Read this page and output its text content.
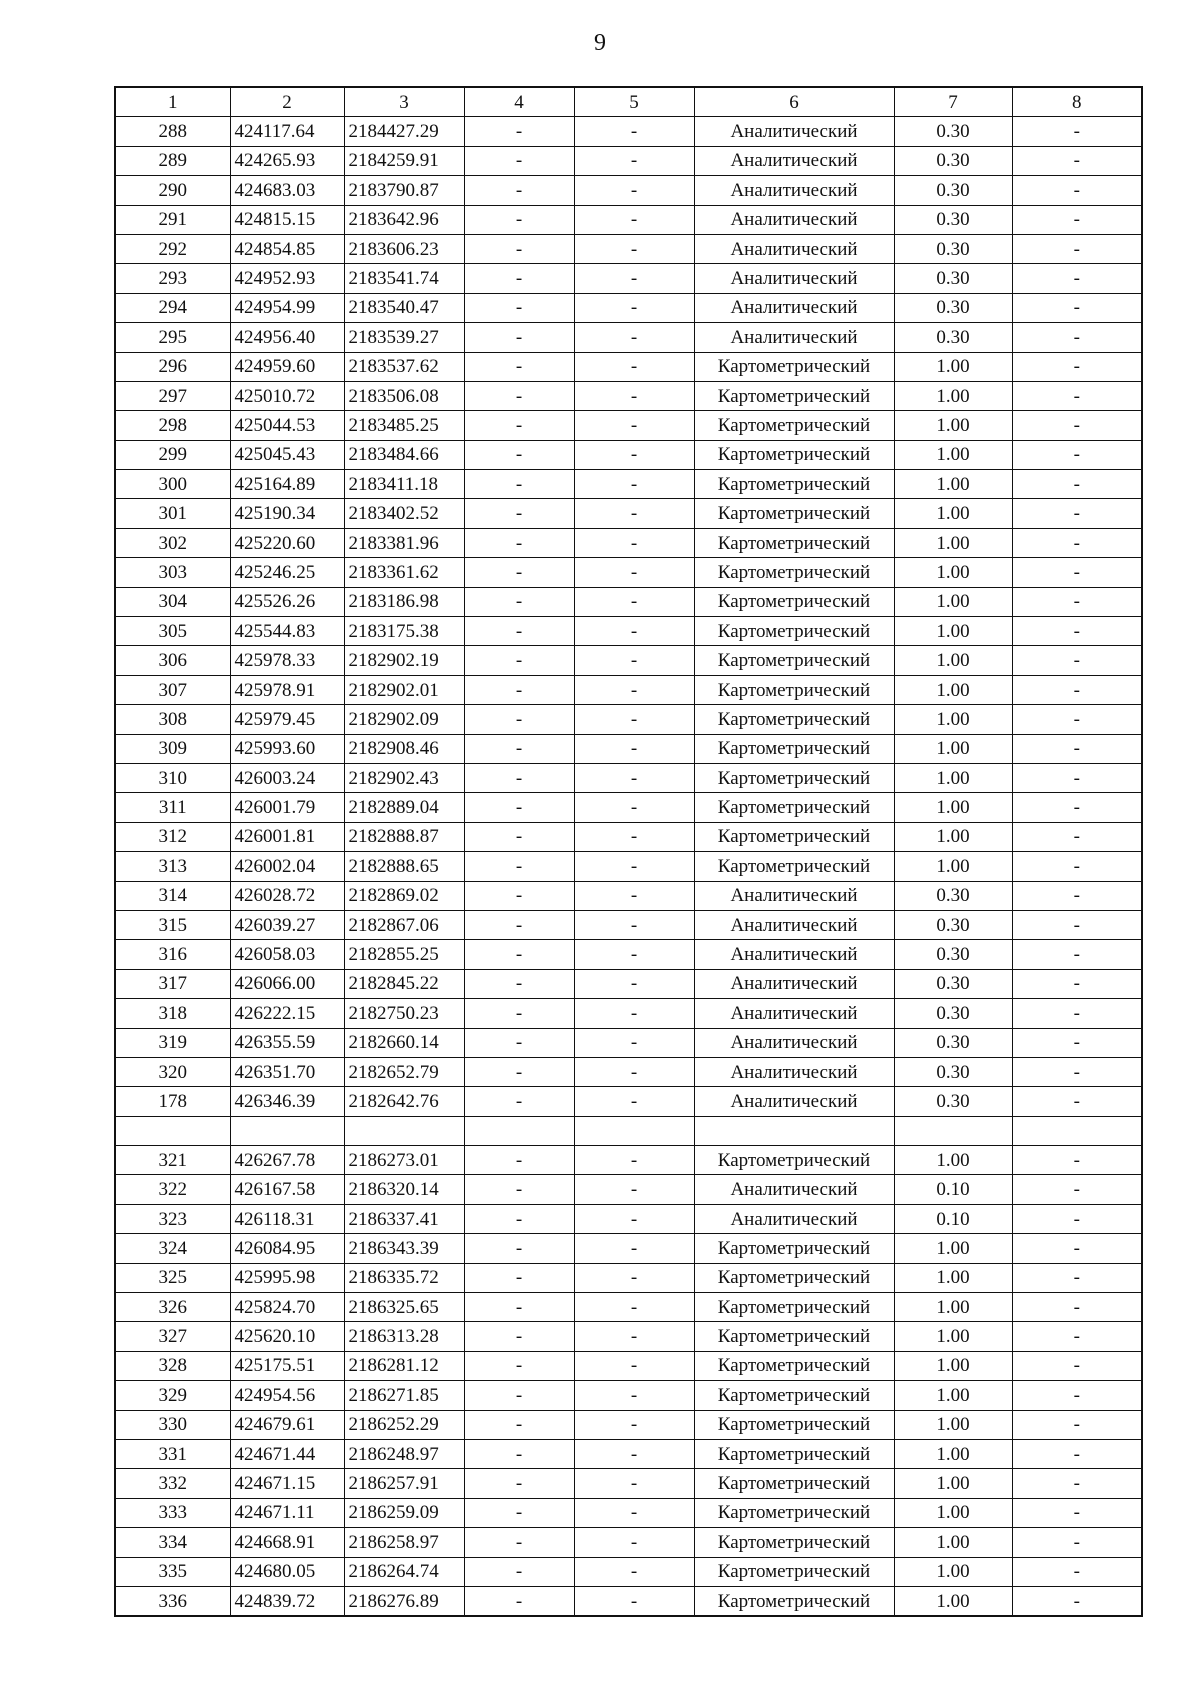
9
1	2	3	4	5	6	7	8
288	424117.64	2184427.29	-	-	Аналитический	0.30	-
289	424265.93	2184259.91	-	-	Аналитический	0.30	-
290	424683.03	2183790.87	-	-	Аналитический	0.30	-
291	424815.15	2183642.96	-	-	Аналитический	0.30	-
292	424854.85	2183606.23	-	-	Аналитический	0.30	-
293	424952.93	2183541.74	-	-	Аналитический	0.30	-
294	424954.99	2183540.47	-	-	Аналитический	0.30	-
295	424956.40	2183539.27	-	-	Аналитический	0.30	-
296	424959.60	2183537.62	-	-	Картометрический	1.00	-
297	425010.72	2183506.08	-	-	Картометрический	1.00	-
298	425044.53	2183485.25	-	-	Картометрический	1.00	-
299	425045.43	2183484.66	-	-	Картометрический	1.00	-
300	425164.89	2183411.18	-	-	Картометрический	1.00	-
301	425190.34	2183402.52	-	-	Картометрический	1.00	-
302	425220.60	2183381.96	-	-	Картометрический	1.00	-
303	425246.25	2183361.62	-	-	Картометрический	1.00	-
304	425526.26	2183186.98	-	-	Картометрический	1.00	-
305	425544.83	2183175.38	-	-	Картометрический	1.00	-
306	425978.33	2182902.19	-	-	Картометрический	1.00	-
307	425978.91	2182902.01	-	-	Картометрический	1.00	-
308	425979.45	2182902.09	-	-	Картометрический	1.00	-
309	425993.60	2182908.46	-	-	Картометрический	1.00	-
310	426003.24	2182902.43	-	-	Картометрический	1.00	-
311	426001.79	2182889.04	-	-	Картометрический	1.00	-
312	426001.81	2182888.87	-	-	Картометрический	1.00	-
313	426002.04	2182888.65	-	-	Картометрический	1.00	-
314	426028.72	2182869.02	-	-	Аналитический	0.30	-
315	426039.27	2182867.06	-	-	Аналитический	0.30	-
316	426058.03	2182855.25	-	-	Аналитический	0.30	-
317	426066.00	2182845.22	-	-	Аналитический	0.30	-
318	426222.15	2182750.23	-	-	Аналитический	0.30	-
319	426355.59	2182660.14	-	-	Аналитический	0.30	-
320	426351.70	2182652.79	-	-	Аналитический	0.30	-
178	426346.39	2182642.76	-	-	Аналитический	0.30	-

321	426267.78	2186273.01	-	-	Картометрический	1.00	-
322	426167.58	2186320.14	-	-	Аналитический	0.10	-
323	426118.31	2186337.41	-	-	Аналитический	0.10	-
324	426084.95	2186343.39	-	-	Картометрический	1.00	-
325	425995.98	2186335.72	-	-	Картометрический	1.00	-
326	425824.70	2186325.65	-	-	Картометрический	1.00	-
327	425620.10	2186313.28	-	-	Картометрический	1.00	-
328	425175.51	2186281.12	-	-	Картометрический	1.00	-
329	424954.56	2186271.85	-	-	Картометрический	1.00	-
330	424679.61	2186252.29	-	-	Картометрический	1.00	-
331	424671.44	2186248.97	-	-	Картометрический	1.00	-
332	424671.15	2186257.91	-	-	Картометрический	1.00	-
333	424671.11	2186259.09	-	-	Картометрический	1.00	-
334	424668.91	2186258.97	-	-	Картометрический	1.00	-
335	424680.05	2186264.74	-	-	Картометрический	1.00	-
336	424839.72	2186276.89	-	-	Картометрический	1.00	-
